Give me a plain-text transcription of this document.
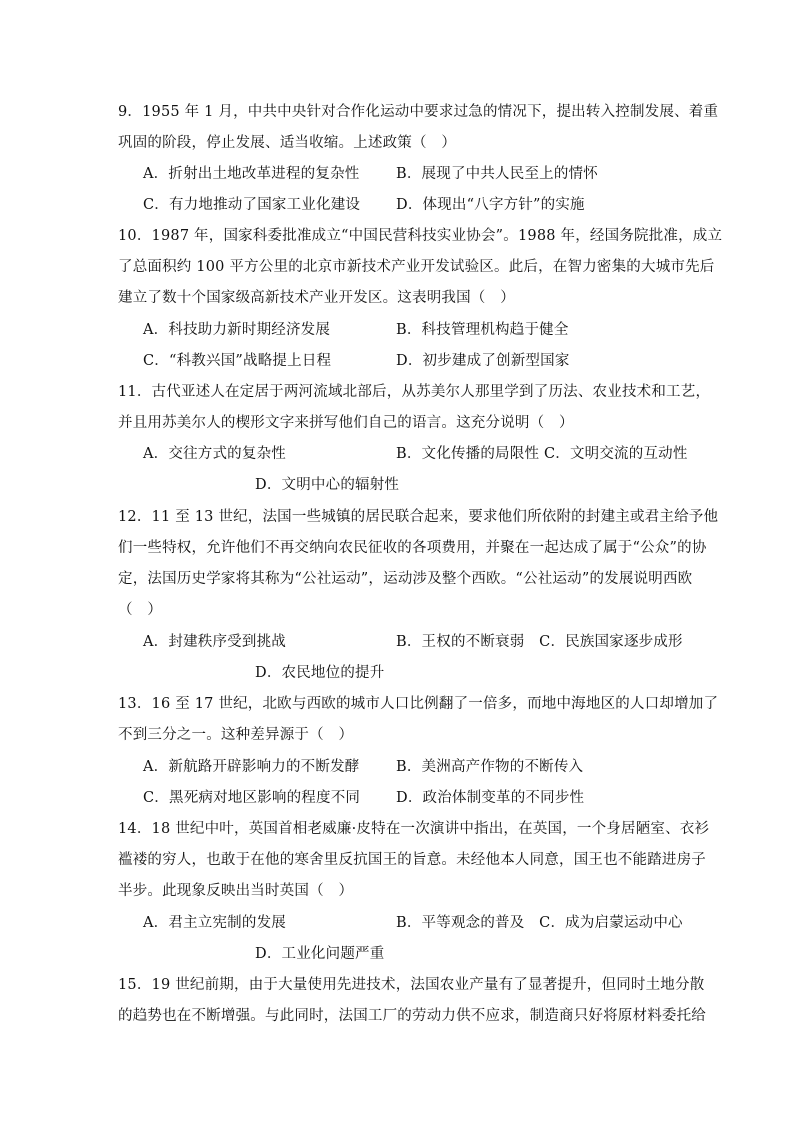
9．1955 年 1 月，中共中央针对合作化运动中要求过急的情况下，提出转入控制发展、着重
巩固的阶段，停止发展、适当收缩。上述政策（　）
A．折射出土地改革进程的复杂性	B．展现了中共人民至上的情怀
C．有力地推动了国家工业化建设 D．体现出“八字方针”的实施
10．1987 年，国家科委批准成立“中国民营科技实业协会”。1988 年，经国务院批准，成立
了总面积约 100 平方公里的北京市新技术产业开发试验区。此后，在智力密集的大城市先后
建立了数十个国家级高新技术产业开发区。这表明我国（　）
A．科技助力新时期经济发展	B．科技管理机构趋于健全
C．“科教兴国”战略提上日程	D．初步建成了创新型国家
11．古代亚述人在定居于两河流域北部后，从苏美尔人那里学到了历法、农业技术和工艺，
并且用苏美尔人的楔形文字来拼写他们自己的语言。这充分说明（　）
A．交往方式的复杂性	B．文化传播的局限性 C．文明交流的互动性
D．文明中心的辐射性
12．11 至 13 世纪，法国一些城镇的居民联合起来，要求他们所依附的封建主或君主给予他
们一些特权，允许他们不再交纳向农民征收的各项费用，并聚在一起达成了属于“公众”的协
定，法国历史学家将其称为“公社运动”，运动涉及整个西欧。“公社运动”的发展说明西欧
（　）
A．封建秩序受到挑战	B．王权的不断衰弱　C．民族国家逐步成形
D．农民地位的提升
13．16 至 17 世纪，北欧与西欧的城市人口比例翻了一倍多，而地中海地区的人口却增加了
不到三分之一。这种差异源于（　）
A．新航路开辟影响力的不断发酵	B．美洲高产作物的不断传入
C．黑死病对地区影响的程度不同 D．政治体制变革的不同步性
14．18 世纪中叶，英国首相老威廉·皮特在一次演讲中指出，在英国，一个身居陋室、衣衫
褴褛的穷人，也敢于在他的寒舍里反抗国王的旨意。未经他本人同意，国王也不能踏进房子
半步。此现象反映出当时英国（　）
A．君主立宪制的发展	B．平等观念的普及　C．成为启蒙运动中心
D．工业化问题严重
15．19 世纪前期，由于大量使用先进技术，法国农业产量有了显著提升，但同时土地分散
的趋势也在不断增强。与此同时，法国工厂的劳动力供不应求，制造商只好将原材料委托给
